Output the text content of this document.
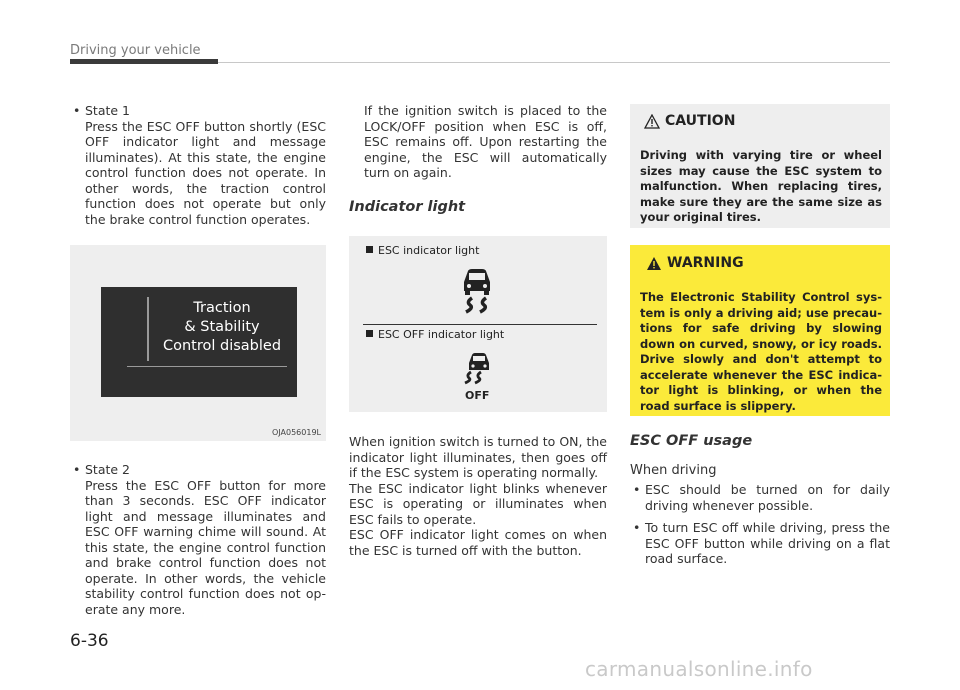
Driving your vehicle
• State 1
Press the ESC OFF button shortly (ESC OFF indicator light and message illuminates). At this state, the engine control function does not operate. In other words, the traction control function does not operate but only the brake control function operates.
Traction
& Stability
Control disabled
OJA056019L
• State 2
Press the ESC OFF button for more than 3 seconds. ESC OFF indicator light and message illuminates and ESC OFF warning chime will sound. At this state, the engine control function and brake control function does not operate. In other words, the vehicle stability control function does not op-erate any more.

If the ignition switch is placed to the LOCK/OFF position when ESC is off, ESC remains off. Upon restarting the engine, the ESC will automatically turn on again.

Indicator light
ESC indicator light
ESC OFF indicator light
OFF

When ignition switch is turned to ON, the indicator light illuminates, then goes off if the ESC system is operating normally.

The ESC indicator light blinks whenever ESC is operating or illuminates when ESC fails to operate.

ESC OFF indicator light comes on when the ESC is turned off with the button.

CAUTION
Driving with varying tire or wheel sizes may cause the ESC system to malfunction. When replacing tires, make sure they are the same size as your original tires.
WARNING
The Electronic Stability Control sys-tem is only a driving aid; use precau-tions for safe driving by slowing down on curved, snowy, or icy roads. Drive slowly and don't attempt to accelerate whenever the ESC indica-tor light is blinking, or when the road surface is slippery.
ESC OFF usage
When driving
• ESC should be turned on for daily driving whenever possible.
• To turn ESC off while driving, press the ESC OFF button while driving on a flat road surface.
6-36
carmanualsonline.info
